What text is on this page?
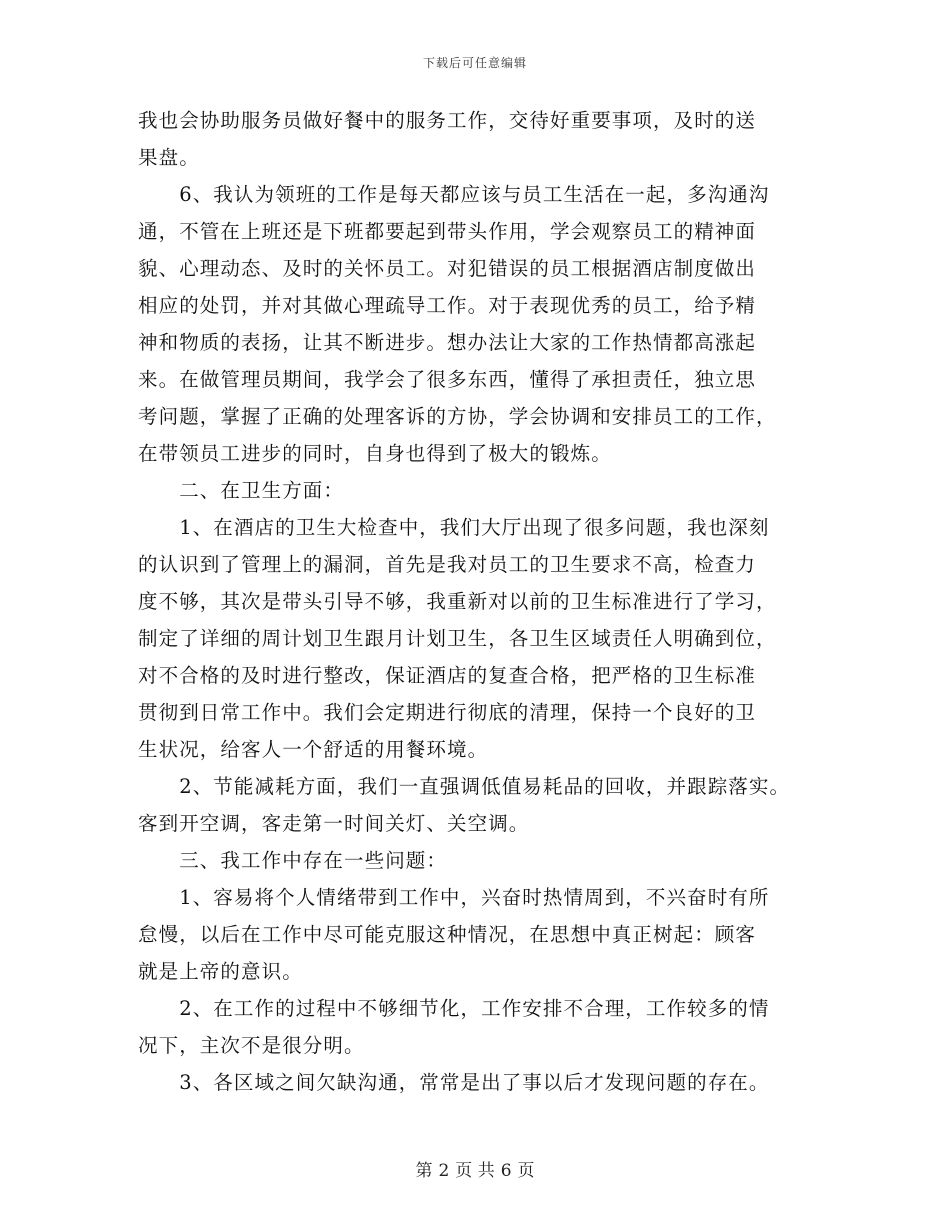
下载后可任意编辑
我也会协助服务员做好餐中的服务工作，交待好重要事项，及时的送
果盘。
　　6、我认为领班的工作是每天都应该与员工生活在一起，多沟通沟
通，不管在上班还是下班都要起到带头作用，学会观察员工的精神面
貌、心理动态、及时的关怀员工。对犯错误的员工根据酒店制度做出
相应的处罚，并对其做心理疏导工作。对于表现优秀的员工，给予精
神和物质的表扬，让其不断进步。想办法让大家的工作热情都高涨起
来。在做管理员期间，我学会了很多东西，懂得了承担责任，独立思
考问题，掌握了正确的处理客诉的方协，学会协调和安排员工的工作，
在带领员工进步的同时，自身也得到了极大的锻炼。
　　二、在卫生方面：
　　1、在酒店的卫生大检查中，我们大厅出现了很多问题，我也深刻
的认识到了管理上的漏洞，首先是我对员工的卫生要求不高，检查力
度不够，其次是带头引导不够，我重新对以前的卫生标准进行了学习，
制定了详细的周计划卫生跟月计划卫生，各卫生区域责任人明确到位，
对不合格的及时进行整改，保证酒店的复查合格，把严格的卫生标准
贯彻到日常工作中。我们会定期进行彻底的清理，保持一个良好的卫
生状况，给客人一个舒适的用餐环境。
　　2、节能减耗方面，我们一直强调低值易耗品的回收，并跟踪落实。
客到开空调，客走第一时间关灯、关空调。
　　三、我工作中存在一些问题：
　　1、容易将个人情绪带到工作中，兴奋时热情周到，不兴奋时有所
怠慢，以后在工作中尽可能克服这种情况，在思想中真正树起：顾客
就是上帝的意识。
　　2、在工作的过程中不够细节化，工作安排不合理，工作较多的情
况下，主次不是很分明。
　　3、各区域之间欠缺沟通，常常是出了事以后才发现问题的存在。
第 2 页 共 6 页
